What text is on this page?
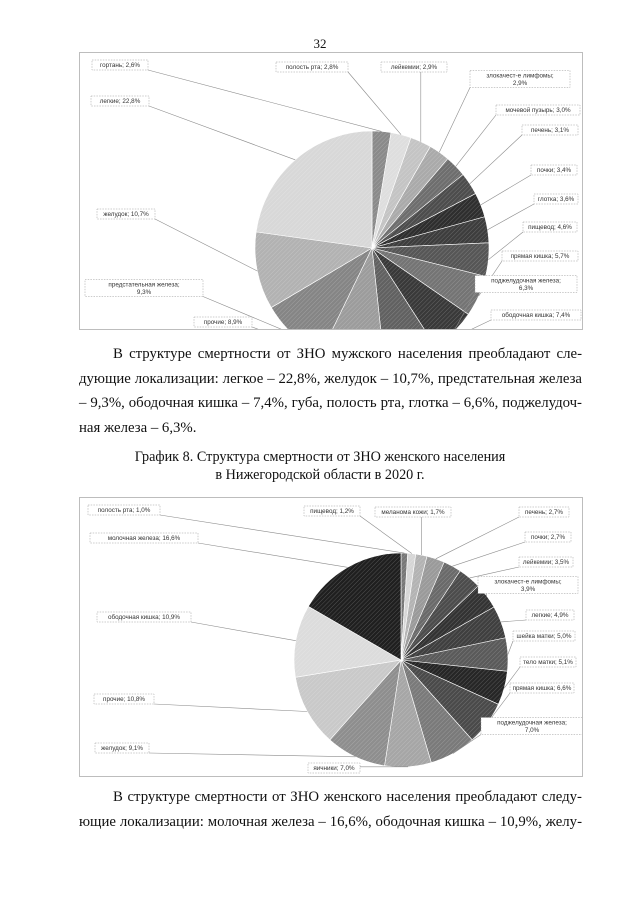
32
гортань; 2,6%	полость рта; 2,8%	лейкемии; 2,9%
злокачест-е лимфомы;
2,9%
мочевой пузырь; 3,0%
печень; 3,1%
почки; 3,4%
глотка; 3,6%
пищевод; 4,6%
прямая кишка; 5,7%
поджелудочная железа;
6,3%
ободочная кишка; 7,4%
прочие; 8,9%
предстательная железа;
9,3%
желудок; 10,7%
легкие; 22,8%
В структуре смертности от ЗНО мужского населения преобладают сле-
дующие локализации: легкое – 22,8%, желудок – 10,7%, предстательная железа
– 9,3%, ободочная кишка – 7,4%, губа, полость рта, глотка – 6,6%, поджелудоч-
ная железа – 6,3%.
График 8. Структура смертности от ЗНО женского населения
в Нижегородской области в 2020 г.
полость рта; 1,0%	пищевод; 1,2%	меланома кожи; 1,7%	печень; 2,7%
почки; 2,7%
лейкемии; 3,5%
злокачест-е лимфомы;
3,9%
легкие; 4,9%
шейка матки; 5,0%
тело матки; 5,1%
прямая кишка; 6,6%
поджелудочная железа;
7,0%
яичники; 7,0%
желудок; 9,1%
прочие; 10,8%
ободочная кишка; 10,9%
молочная железа; 16,6%
В структуре смертности от ЗНО женского населения преобладают следу-
ющие локализации: молочная железа – 16,6%, ободочная кишка – 10,9%, желу-
